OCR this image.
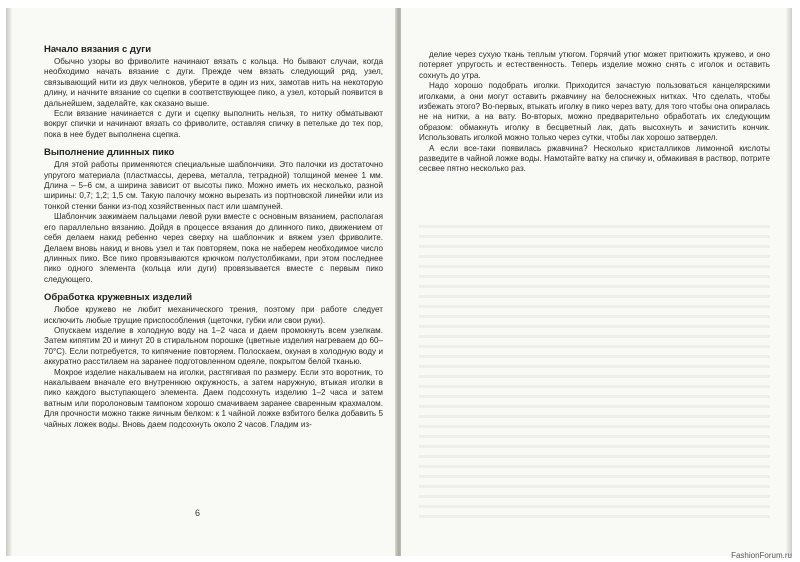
Начало вязания с дуги

Обычно узоры во фриволите начинают вязать с кольца. Но бывают случаи, когда необходимо начать вязание с дуги. Прежде чем вязать следующий ряд, узел, связывающий нити из двух челноков, уберите в один из них, замотав нить на некоторую длину, и начните вязание со сцепки в соответствующее пико, а узел, который появится в дальнейшем, заделайте, как сказано выше.

Если вязание начинается с дуги и сцепку выполнить нельзя, то нитку обматывают вокруг спички и начинают вязать со фриволите, оставляя спичку в петельке до тех пор, пока в нее будет выполнена сцепка.

Выполнение длинных пико

Для этой работы применяются специальные шаблончики. Это палочки из достаточно упругого материала (пластмассы, дерева, металла, тетрадной) толщиной менее 1 мм. Длина – 5–6 см, а ширина зависит от высоты пико. Можно иметь их несколько, разной ширины: 0,7; 1,2; 1,5 см. Такую палочку можно вырезать из портновской линейки или из тонкой стенки банки из-под хозяйственных паст или шампуней.

Шаблончик зажимаем пальцами левой руки вместе с основным вязанием, располагая его параллельно вязанию. Дойдя в процессе вязания до длинного пико, движением от себя делаем накид ребенно через сверху на шаблончик и вяжем узел фриволите. Делаем вновь накид и вновь узел и так повторяем, пока не наберем необходимое число длинных пико. Все пико провязываются крючком полустолбиками, при этом последнее пико одного элемента (кольца или дуги) провязывается вместе с первым пико следующего.

Обработка кружевных изделий

Любое кружево не любит механического трения, поэтому при работе следует исключить любые трущие приспособления (щеточки, губки или свои руки).

Опускаем изделие в холодную воду на 1–2 часа и даем промокнуть всем узелкам. Затем кипятим 20 и минут 20 в стиральном порошке (цветные изделия нагреваем до 60–70°С). Если потребуется, то кипячение повторяем. Полоскаем, окуная в холодную воду и аккуратно расстилаем на заранее подготовленном одеяле, покрытом белой тканью.

Мокрое изделие накалываем на иголки, растягивая по размеру. Если это воротник, то накалываем вначале его внутреннюю окружность, а затем наружную, втыкая иголки в пико каждого выступающего элемента. Даем подсохнуть изделию 1–2 часа и затем ватным или поролоновым тампоном хорошо смачиваем заранее сваренным крахмалом. Для прочности можно также яичным белком: к 1 чайной ложке взбитого белка добавить 5 чайных ложек воды. Вновь даем подсохнуть около 2 часов. Гладим из-

6

делие через сухую ткань теплым утюгом. Горячий утюг может притюжить кружево, и оно потеряет упругость и естественность. Теперь изделие можно снять с иголок и оставить сохнуть до утра.

Надо хорошо подобрать иголки. Приходится зачастую пользоваться канцелярскими иголками, а они могут оставить ржавчину на белоснежных нитках. Что сделать, чтобы избежать этого? Во-первых, втыкать иголку в пико через вату, для того чтобы она опиралась не на нитки, а на вату. Во-вторых, можно предварительно обработать их следующим образом: обмакнуть иголку в бесцветный лак, дать высохнуть и зачистить кончик. Использовать иголкой можно только через сутки, чтобы лак хорошо затвердел.

А если все-таки появилась ржавчина? Несколько кристалликов лимонной кислоты разведите в чайной ложке воды. Намотайте ватку на спичку и, обмакивая в раствор, потрите сесвее пятно несколько раз.

FashionForum.ru
